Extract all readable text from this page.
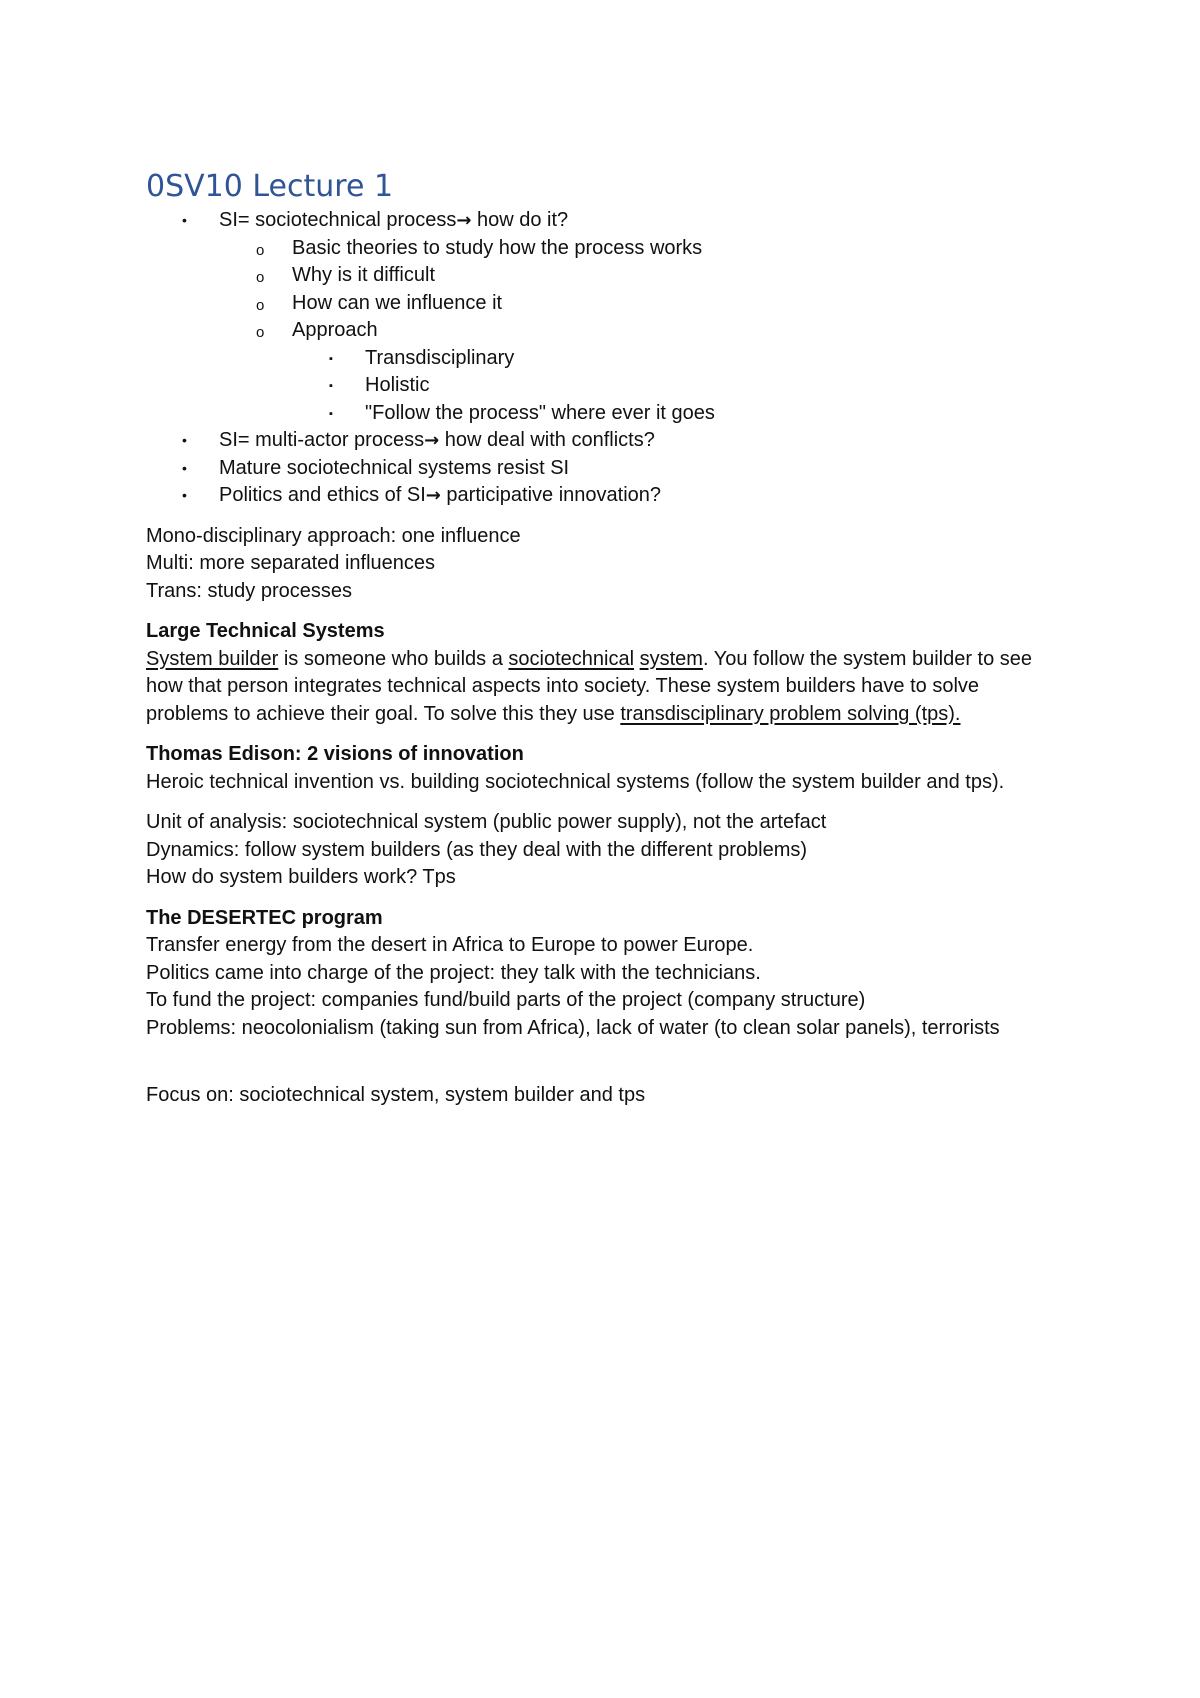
0SV10 Lecture 1
• SI= sociotechnical process→ how do it?
o Basic theories to study how the process works
o Why is it difficult
o How can we influence it
o Approach
▪ Transdisciplinary
▪ Holistic
▪ "Follow the process" where ever it goes
• SI= multi-actor process→ how deal with conflicts?
• Mature sociotechnical systems resist SI
• Politics and ethics of SI→ participative innovation?
Mono-disciplinary approach: one influence
Multi: more separated influences
Trans: study processes
Large Technical Systems
System builder is someone who builds a sociotechnical system. You follow the system builder to see how that person integrates technical aspects into society. These system builders have to solve problems to achieve their goal. To solve this they use transdisciplinary problem solving (tps).
Thomas Edison: 2 visions of innovation
Heroic technical invention vs. building sociotechnical systems (follow the system builder and tps).
Unit of analysis: sociotechnical system (public power supply), not the artefact
Dynamics: follow system builders (as they deal with the different problems)
How do system builders work? Tps
The DESERTEC program
Transfer energy from the desert in Africa to Europe to power Europe.
Politics came into charge of the project: they talk with the technicians.
To fund the project: companies fund/build parts of the project (company structure)
Problems: neocolonialism (taking sun from Africa), lack of water (to clean solar panels), terrorists
Focus on: sociotechnical system, system builder and tps
